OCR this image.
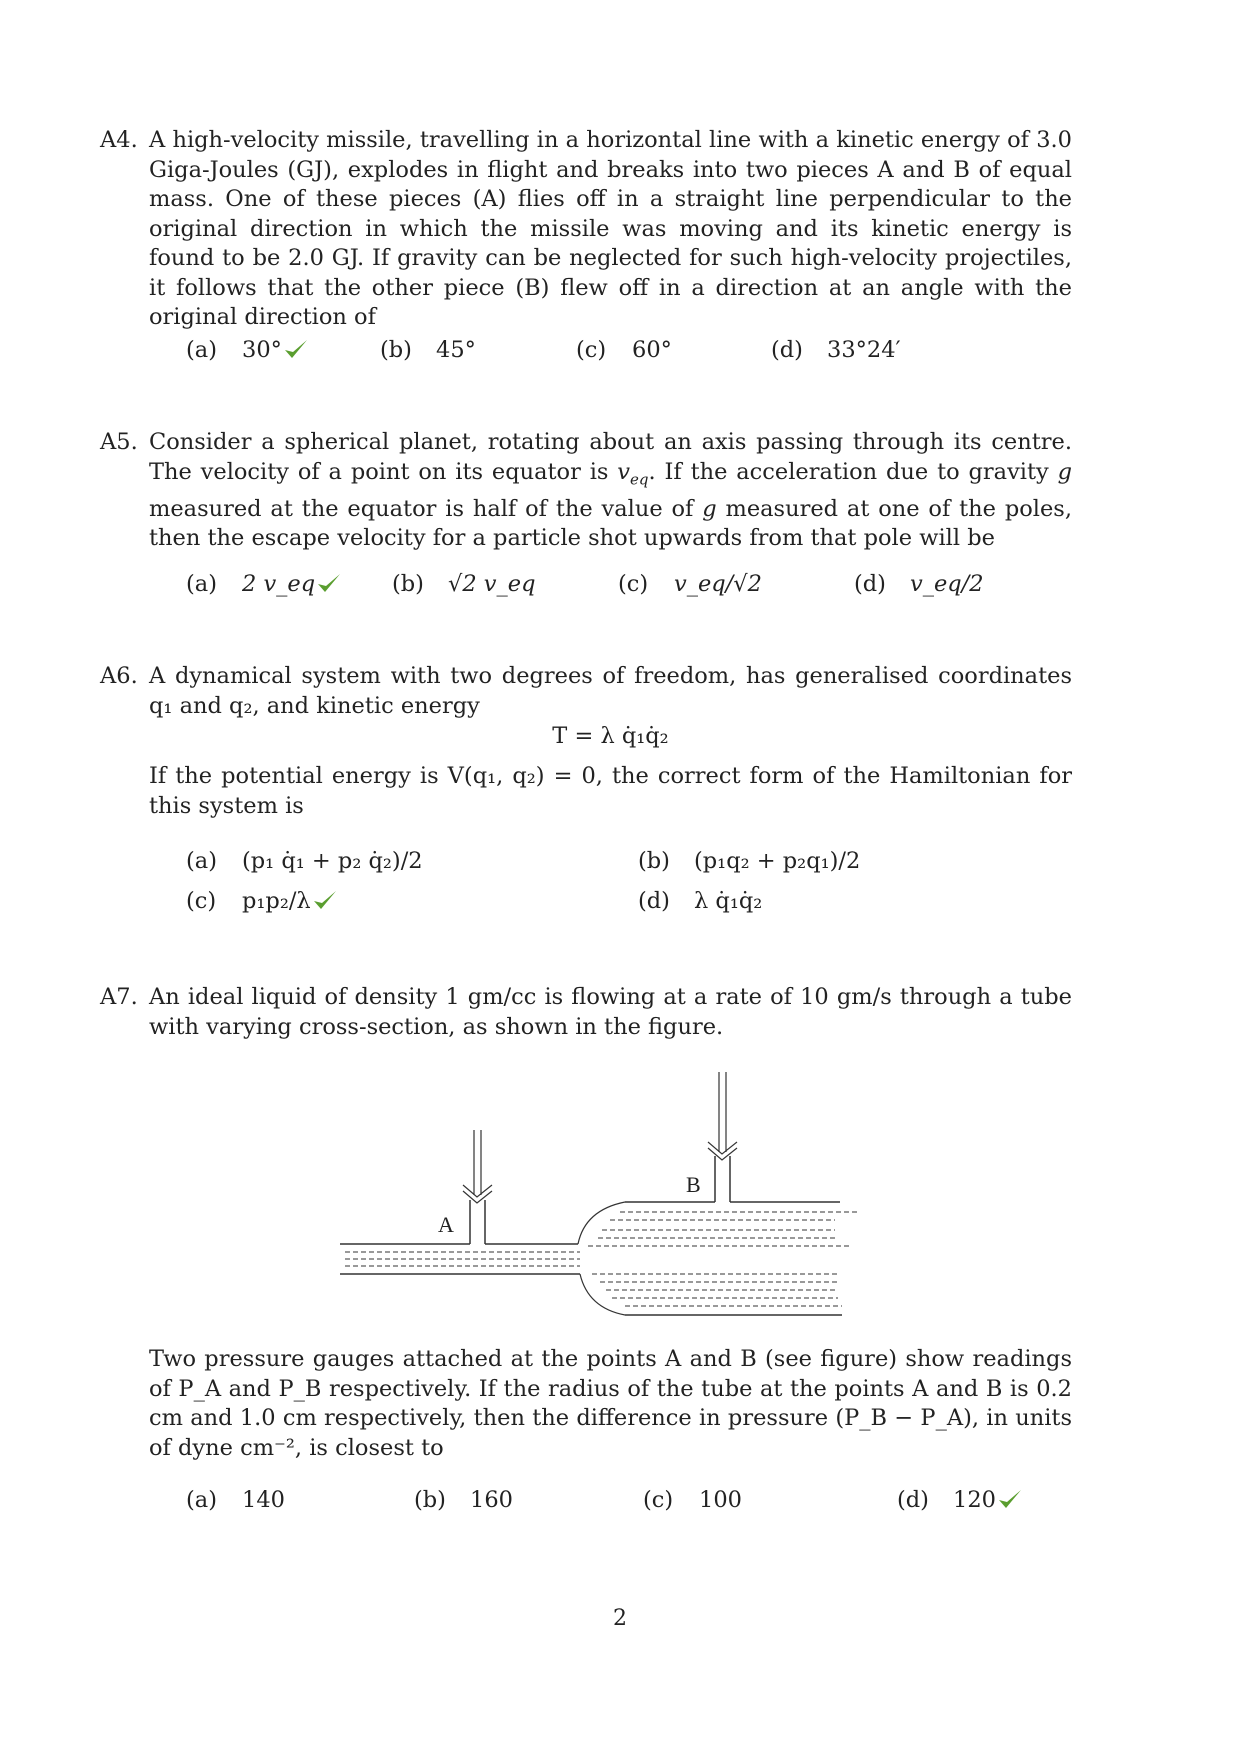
A4. A high-velocity missile, travelling in a horizontal line with a kinetic energy of 3.0 Giga-Joules (GJ), explodes in flight and breaks into two pieces A and B of equal mass. One of these pieces (A) flies off in a straight line perpendicular to the original direction in which the missile was moving and its kinetic energy is found to be 2.0 GJ. If gravity can be neglected for such high-velocity projectiles, it follows that the other piece (B) flew off in a direction at an angle with the original direction of
(a) 30°	(b) 45°	(c) 60°	(d) 33°24′
A5. Consider a spherical planet, rotating about an axis passing through its centre. The velocity of a point on its equator is $v_{eq}$. If the acceleration due to gravity g measured at the equator is half of the value of g measured at one of the poles, then the escape velocity for a particle shot upwards from that pole will be
(a) 2 v_eq	(b) √2 v_eq	(c) v_eq/√2	(d) v_eq/2
A6. A dynamical system with two degrees of freedom, has generalised coordinates q₁ and q₂, and kinetic energy
T = λ q̇₁q̇₂
If the potential energy is V(q₁, q₂) = 0, the correct form of the Hamiltonian for this system is
(a) (p₁ q̇₁ + p₂ q̇₂)/2	(b) (p₁q₂ + p₂q₁)/2
(c) p₁p₂/λ	(d) λ q̇₁q̇₂
A7. An ideal liquid of density 1 gm/cc is flowing at a rate of 10 gm/s through a tube with varying cross-section, as shown in the figure.
A
B
Two pressure gauges attached at the points A and B (see figure) show readings of P_A and P_B respectively. If the radius of the tube at the points A and B is 0.2 cm and 1.0 cm respectively, then the difference in pressure (P_B − P_A), in units of dyne cm⁻², is closest to
(a) 140	(b) 160	(c) 100	(d) 120
2
